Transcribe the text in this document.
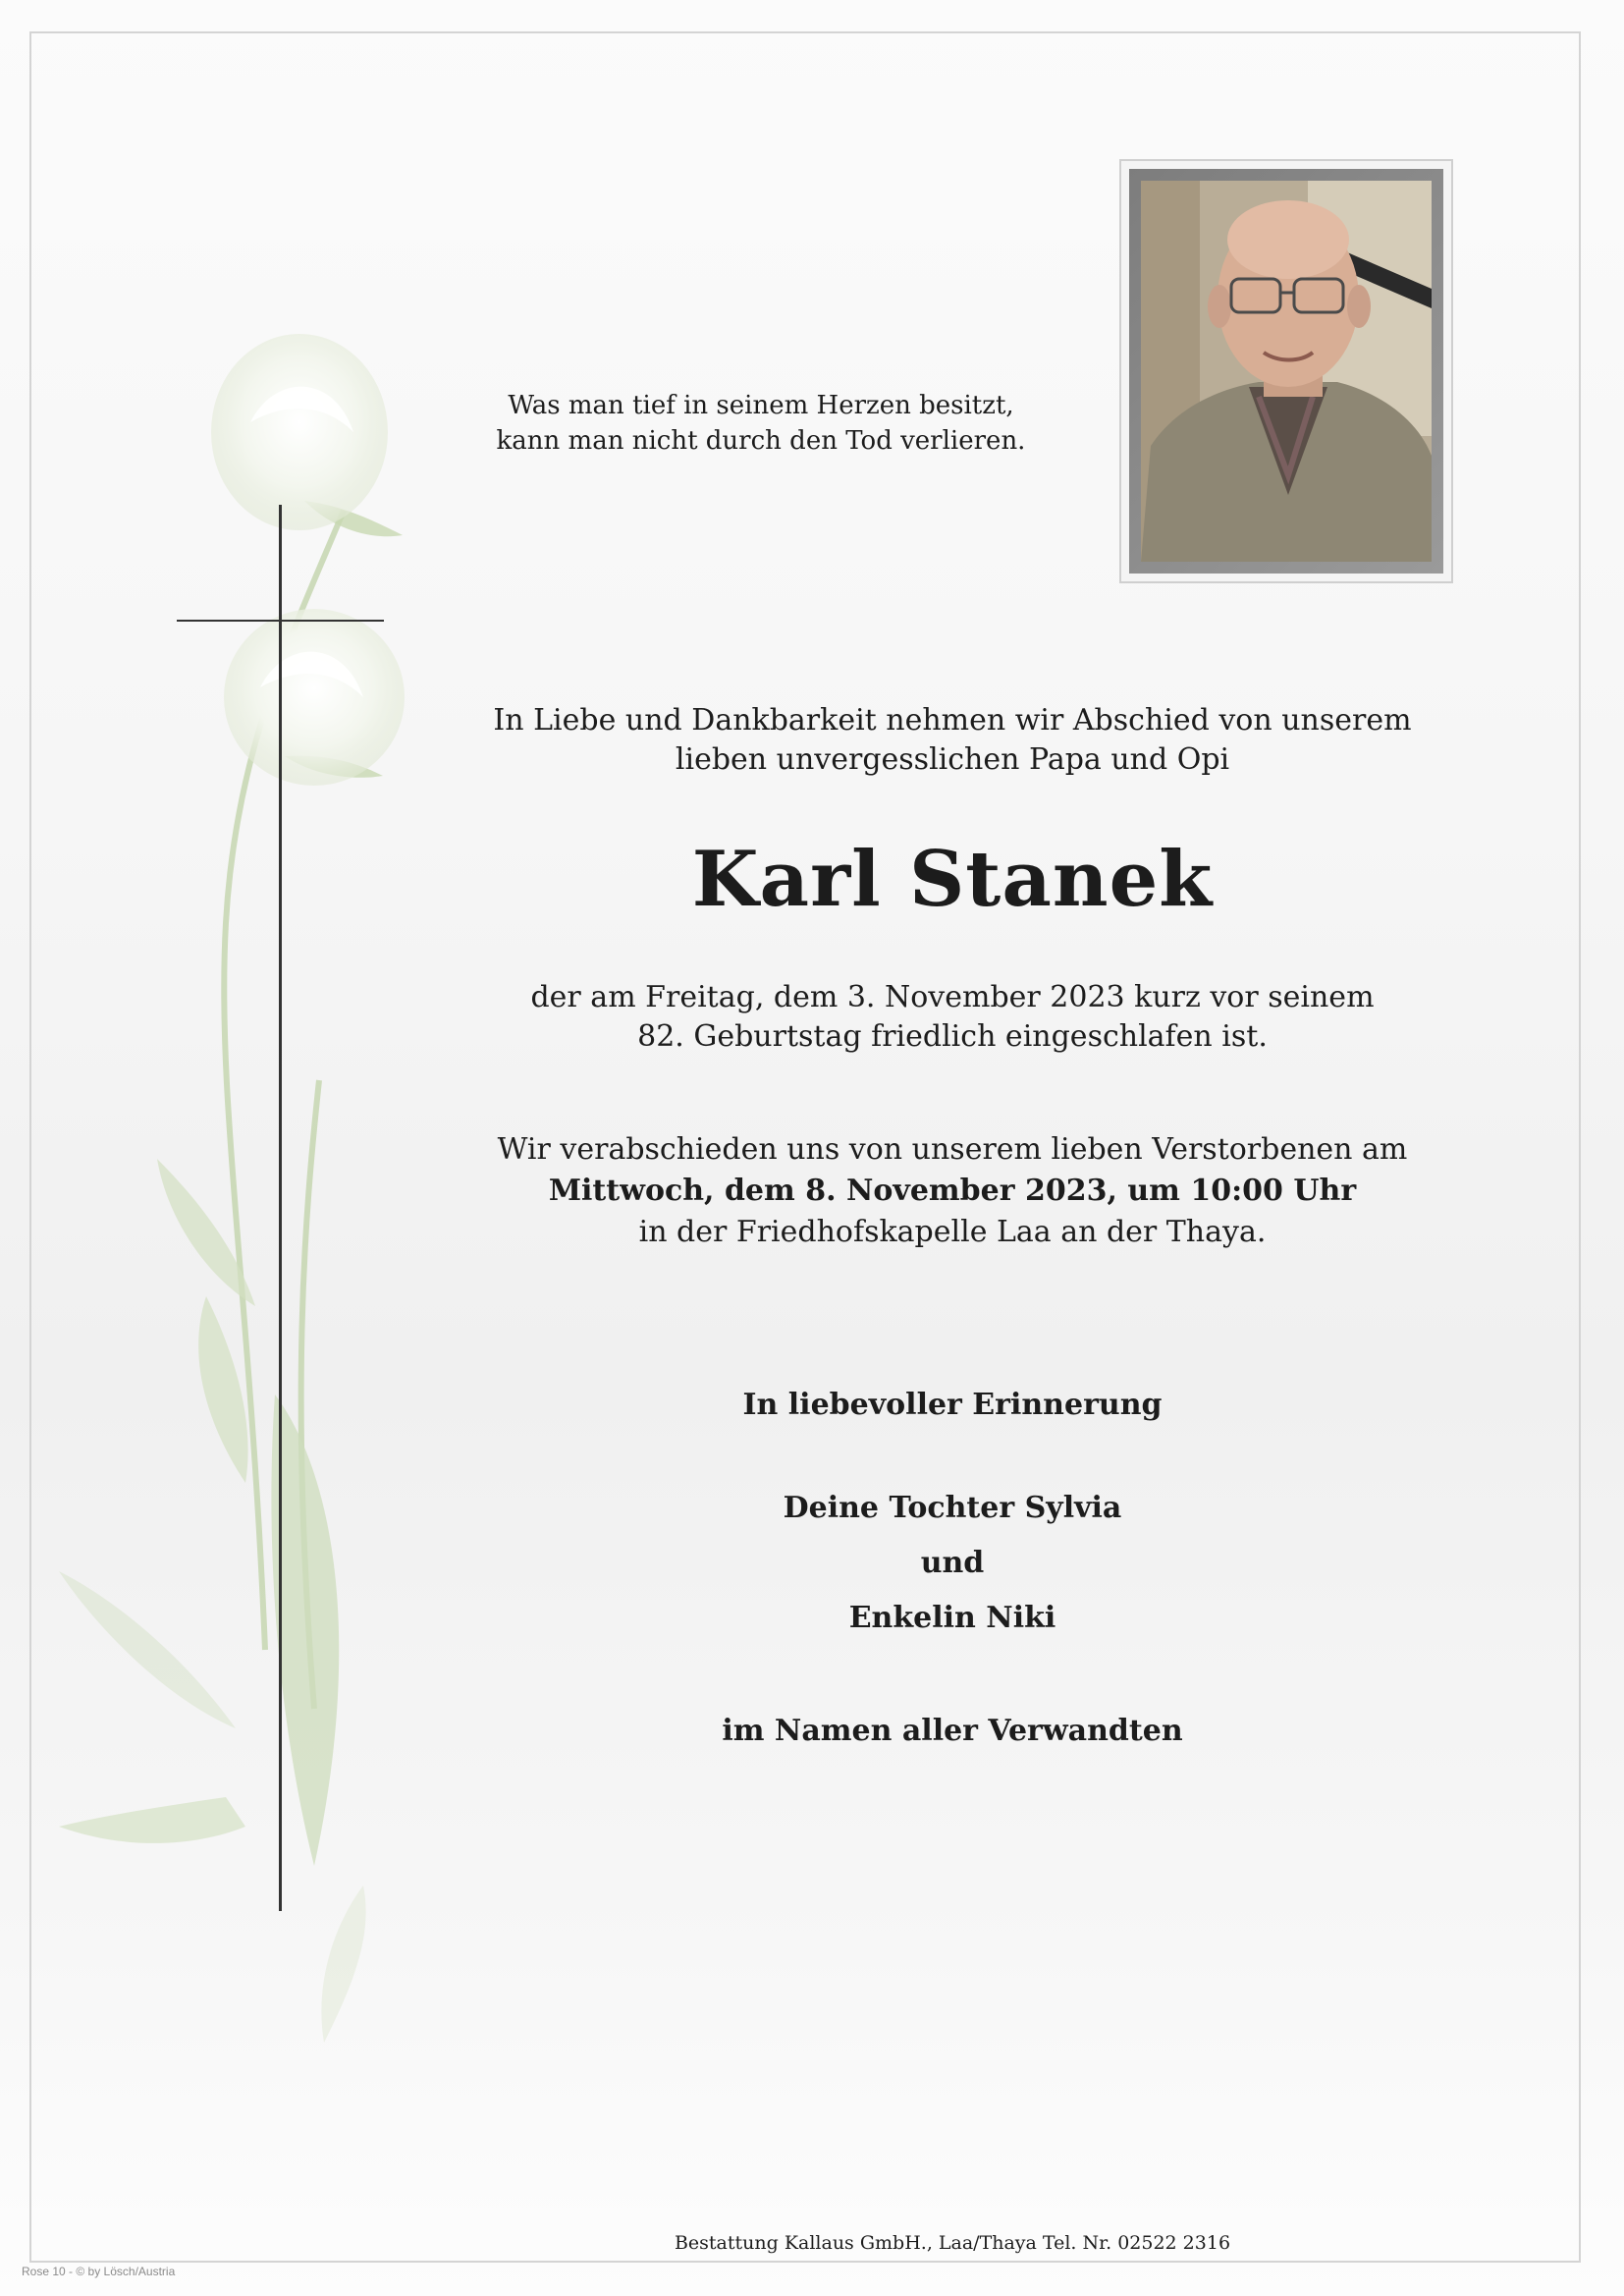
Was man tief in seinem Herzen besitzt,
kann man nicht durch den Tod verlieren.

In Liebe und Dankbarkeit nehmen wir Abschied von unserem
lieben unvergesslichen Papa und Opi

Karl Stanek

der am Freitag, dem 3. November 2023 kurz vor seinem
82. Geburtstag friedlich eingeschlafen ist.

Wir verabschieden uns von unserem lieben Verstorbenen am
Mittwoch, dem 8. November 2023, um 10:00 Uhr
in der Friedhofskapelle Laa an der Thaya.

In liebevoller Erinnerung

Deine Tochter Sylvia
und
Enkelin Niki

im Namen aller Verwandten

Bestattung Kallaus GmbH., Laa/Thaya Tel. Nr. 02522 2316

Rose 10 - © by Lösch/Austria
